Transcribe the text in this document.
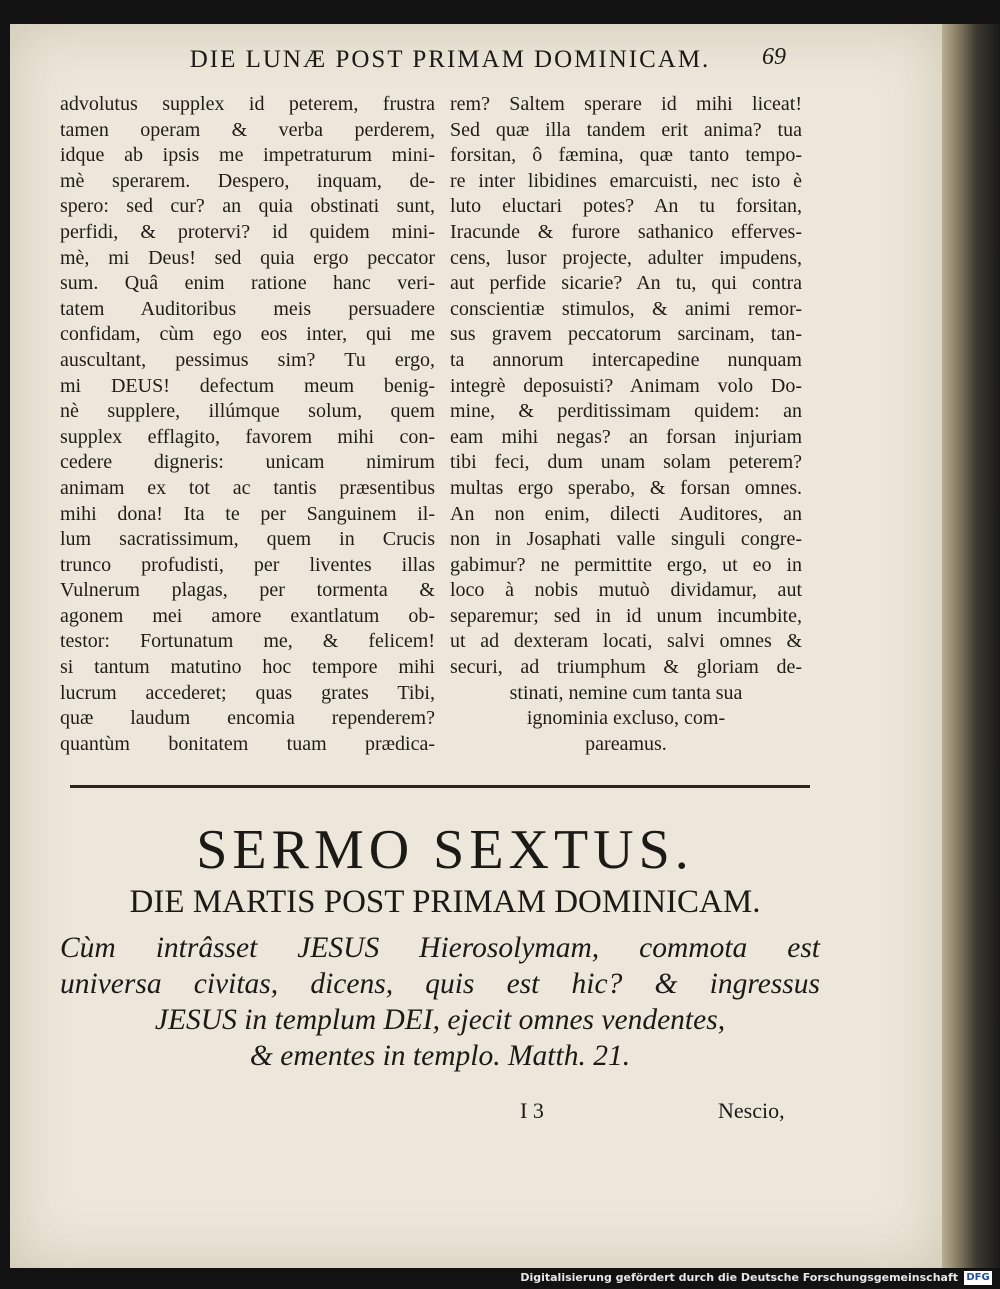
DIE LUNÆ POST PRIMAM DOMINICAM.	69
advolutus supplex id peterem, frustra
tamen operam & verba perderem,
idque ab ipsis me impetraturum mini-
mè sperarem. Despero, inquam, de-
spero: sed cur? an quia obstinati sunt,
perfidi, & protervi? id quidem mini-
mè, mi Deus! sed quia ergo peccator
sum. Quâ enim ratione hanc veri-
tatem Auditoribus meis persuadere
confidam, cùm ego eos inter, qui me
auscultant, pessimus sim? Tu ergo,
mi DEUS! defectum meum benig-
nè supplere, illúmque solum, quem
supplex efflagito, favorem mihi con-
cedere digneris: unicam nimirum
animam ex tot ac tantis præsentibus
mihi dona! Ita te per Sanguinem il-
lum sacratissimum, quem in Crucis
trunco profudisti, per liventes illas
Vulnerum plagas, per tormenta &
agonem mei amore exantlatum ob-
testor: Fortunatum me, & felicem!
si tantum matutino hoc tempore mihi
lucrum accederet; quas grates Tibi,
quæ laudum encomia rependerem?
quantùm bonitatem tuam prædica-
rem? Saltem sperare id mihi liceat!
Sed quæ illa tandem erit anima? tua
forsitan, ô fæmina, quæ tanto tempo-
re inter libidines emarcuisti, nec isto è
luto eluctari potes? An tu forsitan,
Iracunde & furore sathanico efferves-
cens, lusor projecte, adulter impudens,
aut perfide sicarie? An tu, qui contra
conscientiæ stimulos, & animi remor-
sus gravem peccatorum sarcinam, tan-
ta annorum intercapedine nunquam
integrè deposuisti? Animam volo Do-
mine, & perditissimam quidem: an
eam mihi negas? an forsan injuriam
tibi feci, dum unam solam peterem?
multas ergo sperabo, & forsan omnes.
An non enim, dilecti Auditores, an
non in Josaphati valle singuli congre-
gabimur? ne permittite ergo, ut eo in
loco à nobis mutuò dividamur, aut
separemur; sed in id unum incumbite,
ut ad dexteram locati, salvi omnes &
securi, ad triumphum & gloriam de-
stinati, nemine cum tanta sua
ignominia excluso, com-
pareamus.
SERMO SEXTUS.
DIE MARTIS POST PRIMAM DOMINICAM.
Cùm intrâsset JESUS Hierosolymam, commota est
universa civitas, dicens, quis est hic? & ingressus
JESUS in templum DEI, ejecit omnes vendentes,
& ementes in templo. Matth. 21.
I 3	Nescio,
Digitalisierung gefördert durch die Deutsche Forschungsgemeinschaft DFG
